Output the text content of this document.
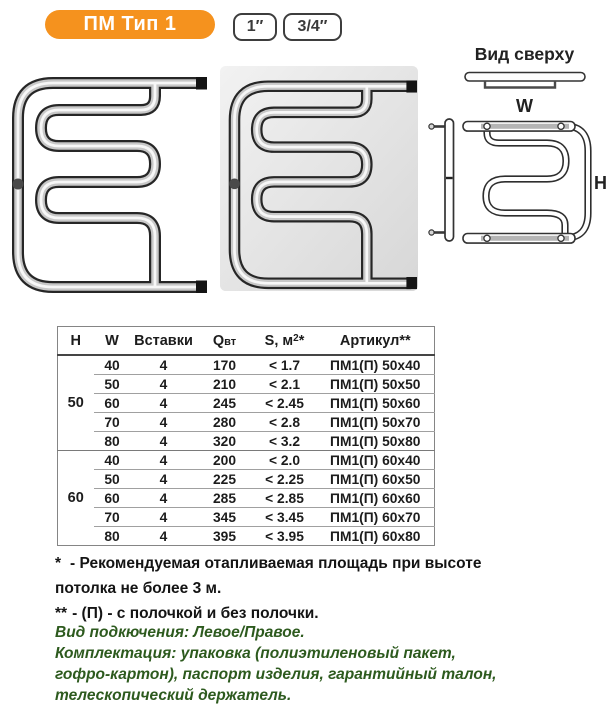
ПМ Тип 1	1″	3/4″
Вид сверху
W
H
H	W	Вставки	Qвт	S, $м^2*$	Артикул**
50	40	4	170	< 1.7	ПМ1(П) 50x40
	50	4	210	< 2.1	ПМ1(П) 50x50
	60	4	245	< 2.45	ПМ1(П) 50x60
	70	4	280	< 2.8	ПМ1(П) 50x70
	80	4	320	< 3.2	ПМ1(П) 50x80
60	40	4	200	< 2.0	ПМ1(П) 60x40
	50	4	225	< 2.25	ПМ1(П) 60x50
	60	4	285	< 2.85	ПМ1(П) 60x60
	70	4	345	< 3.45	ПМ1(П) 60x70
	80	4	395	< 3.95	ПМ1(П) 60x80

* - Рекомендуемая отапливаемая площадь при высоте потолка не более 3 м.

** - (П) - с полочкой и без полочки.

Вид подкючения: Левое/Правое.

Комплектация: упаковка (полиэтиленовый пакет, гофро-картон), паспорт изделия, гарантийный талон, телескопический держатель.
